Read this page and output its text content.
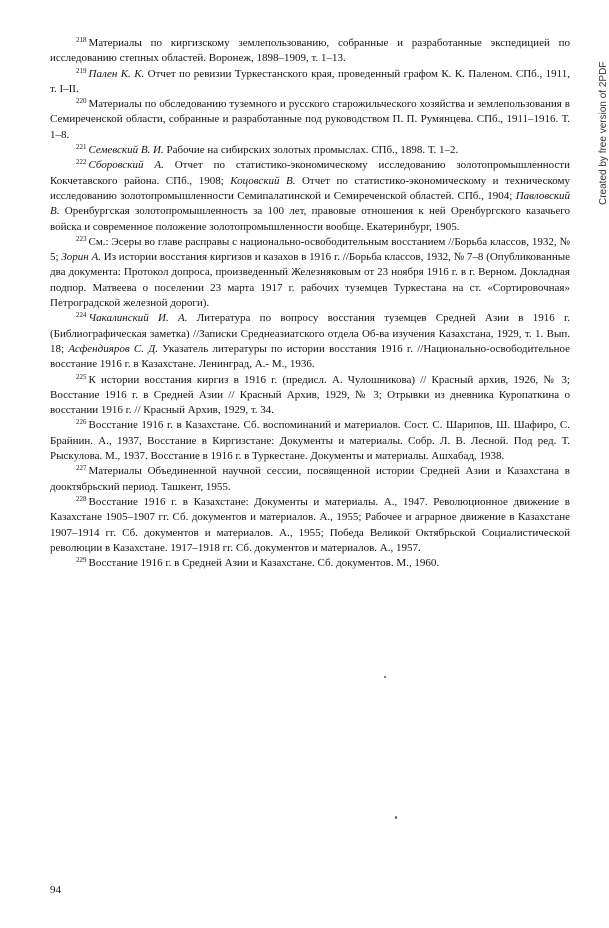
$^{218}$ Материалы по киргизскому землепользованию, собранные и разработанные экспедицией по исследованию степных областей. Воронеж, 1898–1909, т. 1–13.

$^{219}$ Пален К. К. Отчет по ревизии Туркестанского края, проведенный графом К. К. Паленом. СПб., 1911, т. I–II.

$^{220}$ Материалы по обследованию туземного и русского старожильческого хозяйства и землепользования в Семиреченской области, собранные и разработанные под руководством П. П. Румянцева. СПб., 1911–1916. Т. 1–8.

$^{221}$ Семевский В. И. Рабочие на сибирских золотых промыслах. СПб., 1898. Т. 1–2.

$^{222}$ Сборовский А. Отчет по статистико-экономическому исследованию золотопромышленности Кокчетавского района. СПб., 1908; Коцовский В. Отчет по статистико-экономическому и техническому исследованию золотопромышленности Семипалатинской и Семиреченской областей. СПб., 1904; Павловский В. Оренбургская золотопромышленность за 100 лет, правовые отношения к ней Оренбургского казачьего войска и современное положение золотопромышленности вообще. Екатеринбург, 1905.

$^{223}$ См.: Эсеры во главе расправы с национально-освободительным восстанием //Борьба классов, 1932, № 5; Зорин А. Из истории восстания киргизов и казахов в 1916 г. //Борьба классов, 1932, № 7–8 (Опубликованные два документа: Протокол допроса, произведенный Железняковым от 23 ноября 1916 г. в г. Верном. Докладная подпор. Матвеева о поселении 23 марта 1917 г. рабочих туземцев Туркестана на ст. «Сортировочная» Петроградской железной дороги).

$^{224}$ Чакалинский И. А. Литература по вопросу восстания туземцев Средней Азии в 1916 г. (Библиографическая заметка) //Записки Среднеазиатского отдела Об-ва изучения Казахстана, 1929, т. 1. Вып. 18; Асфендияров С. Д. Указатель литературы по истории восстания 1916 г. //Национально-освободительное восстание 1916 г. в Казахстане. Ленинград, А.- М., 1936.

$^{225}$ К истории восстания киргиз в 1916 г. (предисл. А. Чулошникова) // Красный архив, 1926, № 3; Восстание 1916 г. в Средней Азии // Красный Архив, 1929, № 3; Отрывки из дневника Куропаткина о восстании 1916 г. // Красный Архив, 1929, т. 34.

$^{226}$ Восстание 1916 г. в Казахстане. Сб. воспоминаний и материалов. Сост. С. Шарипов, Ш. Шафиро, С. Брайнин. А., 1937, Восстание в Киргизстане: Документы и материалы. Собр. Л. В. Лесной. Под ред. Т. Рыскулова. М., 1937. Восстание в 1916 г. в Туркестане. Документы и материалы. Ашхабад, 1938.

$^{227}$ Материалы Объединенной научной сессии, посвященной истории Средней Азии и Казахстана в дооктябрьский период. Ташкент, 1955.

$^{228}$ Восстание 1916 г. в Казахстане: Документы и материалы. А., 1947. Революционное движение в Казахстане 1905–1907 гг. Сб. документов и материалов. А., 1955; Рабочее и аграрное движение в Казахстане 1907–1914 гг. Сб. документов и материалов. А., 1955; Победа Великой Октябрьской Социалистической революции в Казахстане. 1917–1918 гг. Сб. документов и материалов. А., 1957.

$^{229}$ Восстание 1916 г. в Средней Азии и Казахстане. Сб. документов. М., 1960.

Created by free version of 2PDF
94
